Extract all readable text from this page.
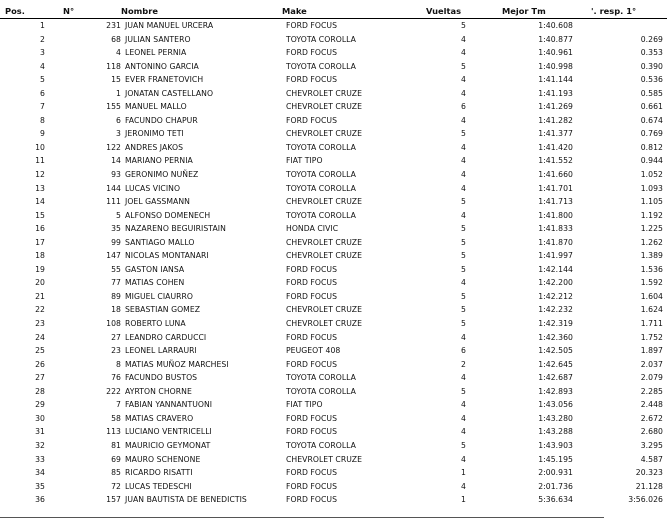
Pos.	N°	Nombre	Make	Vueltas	Mejor Tm	'. resp. 1°
1	231	JUAN MANUEL URCERA	FORD FOCUS	5	1:40.608	
2	68	JULIAN SANTERO	TOYOTA COROLLA	4	1:40.877	0.269
3	4	LEONEL PERNIA	FORD FOCUS	4	1:40.961	0.353
4	118	ANTONINO GARCIA	TOYOTA COROLLA	5	1:40.998	0.390
5	15	EVER FRANETOVICH	FORD FOCUS	4	1:41.144	0.536
6	1	JONATAN CASTELLANO	CHEVROLET CRUZE	4	1:41.193	0.585
7	155	MANUEL MALLO	CHEVROLET CRUZE	6	1:41.269	0.661
8	6	FACUNDO CHAPUR	FORD FOCUS	4	1:41.282	0.674
9	3	JERONIMO TETI	CHEVROLET CRUZE	5	1:41.377	0.769
10	122	ANDRES JAKOS	TOYOTA COROLLA	4	1:41.420	0.812
11	14	MARIANO PERNIA	FIAT TIPO	4	1:41.552	0.944
12	93	GERONIMO NUÑEZ	TOYOTA COROLLA	4	1:41.660	1.052
13	144	LUCAS VICINO	TOYOTA COROLLA	4	1:41.701	1.093
14	111	JOEL GASSMANN	CHEVROLET CRUZE	5	1:41.713	1.105
15	5	ALFONSO DOMENECH	TOYOTA COROLLA	4	1:41.800	1.192
16	35	NAZARENO BEGUIRISTAIN	HONDA CIVIC	5	1:41.833	1.225
17	99	SANTIAGO MALLO	CHEVROLET CRUZE	5	1:41.870	1.262
18	147	NICOLAS MONTANARI	CHEVROLET CRUZE	5	1:41.997	1.389
19	55	GASTON IANSA	FORD FOCUS	5	1:42.144	1.536
20	77	MATIAS COHEN	FORD FOCUS	4	1:42.200	1.592
21	89	MIGUEL CIAURRO	FORD FOCUS	5	1:42.212	1.604
22	18	SEBASTIAN GOMEZ	CHEVROLET CRUZE	5	1:42.232	1.624
23	108	ROBERTO LUNA	CHEVROLET CRUZE	5	1:42.319	1.711
24	27	LEANDRO CARDUCCI	FORD FOCUS	4	1:42.360	1.752
25	23	LEONEL LARRAURI	PEUGEOT 408	6	1:42.505	1.897
26	8	MATIAS MUÑOZ MARCHESI	FORD FOCUS	2	1:42.645	2.037
27	76	FACUNDO BUSTOS	TOYOTA COROLLA	4	1:42.687	2.079
28	222	AYRTON CHORNE	TOYOTA COROLLA	5	1:42.893	2.285
29	7	FABIAN YANNANTUONI	FIAT TIPO	4	1:43.056	2.448
30	58	MATIAS CRAVERO	FORD FOCUS	4	1:43.280	2.672
31	113	LUCIANO VENTRICELLI	FORD FOCUS	4	1:43.288	2.680
32	81	MAURICIO GEYMONAT	TOYOTA COROLLA	5	1:43.903	3.295
33	69	MAURO SCHENONE	CHEVROLET CRUZE	4	1:45.195	4.587
34	85	RICARDO RISATTI	FORD FOCUS	1	2:00.931	20.323
35	72	LUCAS TEDESCHI	FORD FOCUS	4	2:01.736	21.128
36	157	JUAN BAUTISTA DE BENEDICTIS	FORD FOCUS	1	5:36.634	3:56.026
